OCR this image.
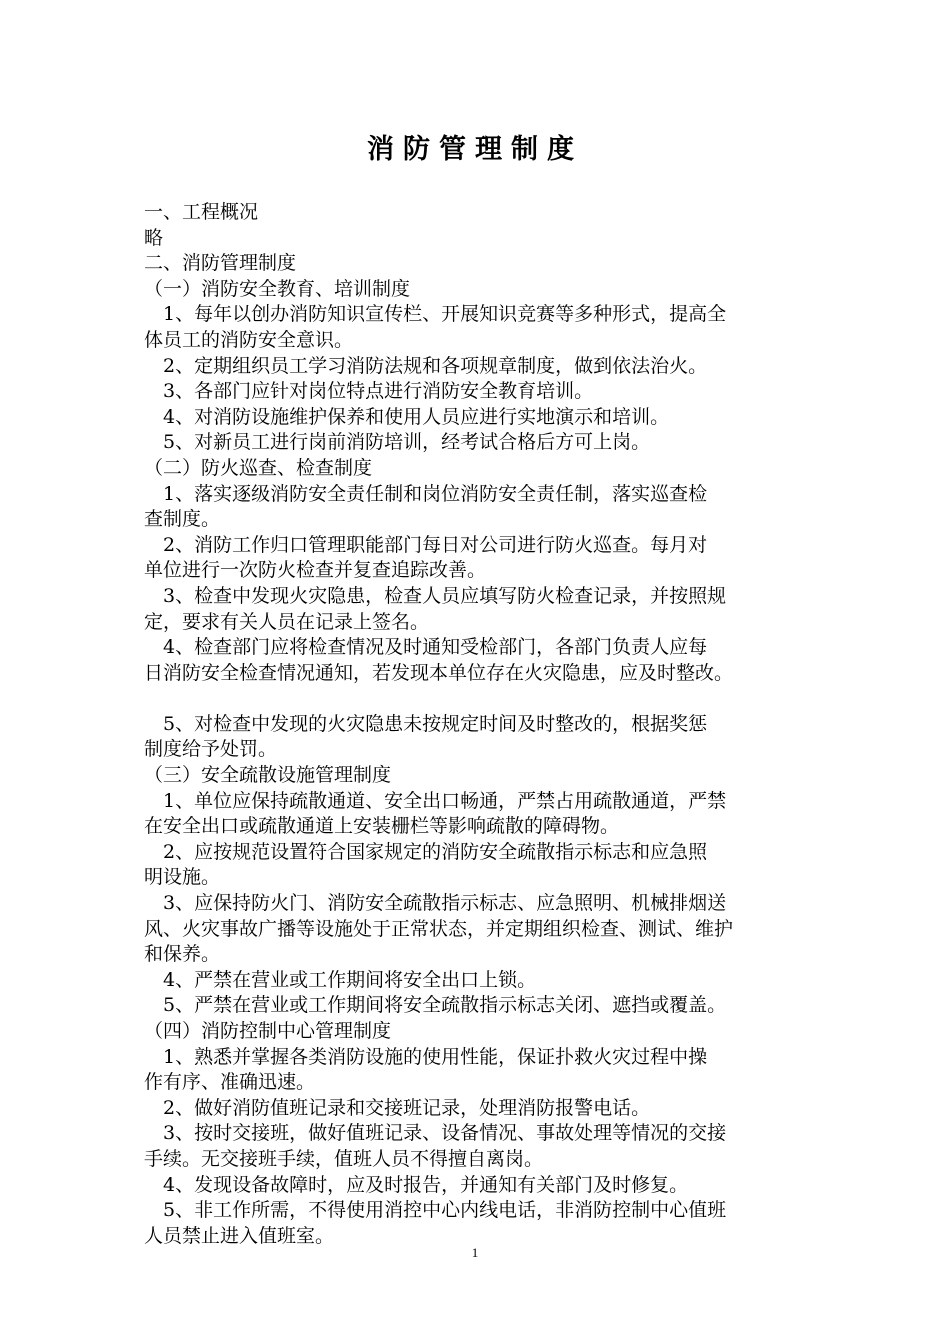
消防管理制度
一、工程概况
略
二、消防管理制度
（一）消防安全教育、培训制度
　1、每年以创办消防知识宣传栏、开展知识竞赛等多种形式，提高全
体员工的消防安全意识。
　2、定期组织员工学习消防法规和各项规章制度，做到依法治火。
　3、各部门应针对岗位特点进行消防安全教育培训。
　4、对消防设施维护保养和使用人员应进行实地演示和培训。
　5、对新员工进行岗前消防培训，经考试合格后方可上岗。
（二）防火巡查、检查制度
　1、落实逐级消防安全责任制和岗位消防安全责任制，落实巡查检
查制度。
　2、消防工作归口管理职能部门每日对公司进行防火巡查。每月对
单位进行一次防火检查并复查追踪改善。
　3、检查中发现火灾隐患，检查人员应填写防火检查记录，并按照规
定，要求有关人员在记录上签名。
　4、检查部门应将检查情况及时通知受检部门，各部门负责人应每
日消防安全检查情况通知，若发现本单位存在火灾隐患，应及时整改。
　5、对检查中发现的火灾隐患未按规定时间及时整改的，根据奖惩
制度给予处罚。
（三）安全疏散设施管理制度
　1、单位应保持疏散通道、安全出口畅通，严禁占用疏散通道，严禁
在安全出口或疏散通道上安装栅栏等影响疏散的障碍物。
　2、应按规范设置符合国家规定的消防安全疏散指示标志和应急照
明设施。
　3、应保持防火门、消防安全疏散指示标志、应急照明、机械排烟送
风、火灾事故广播等设施处于正常状态，并定期组织检查、测试、维护
和保养。
　4、严禁在营业或工作期间将安全出口上锁。
　5、严禁在营业或工作期间将安全疏散指示标志关闭、遮挡或覆盖。
（四）消防控制中心管理制度
　1、熟悉并掌握各类消防设施的使用性能，保证扑救火灾过程中操
作有序、准确迅速。
　2、做好消防值班记录和交接班记录，处理消防报警电话。
　3、按时交接班，做好值班记录、设备情况、事故处理等情况的交接
手续。无交接班手续，值班人员不得擅自离岗。
　4、发现设备故障时，应及时报告，并通知有关部门及时修复。
　5、非工作所需，不得使用消控中心内线电话，非消防控制中心值班
人员禁止进入值班室。
1
